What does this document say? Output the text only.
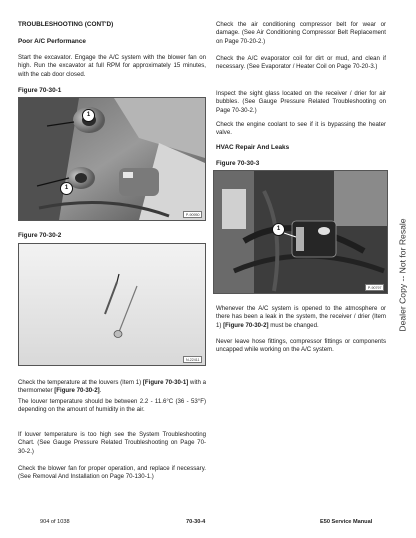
TROUBLESHOOTING (CONT'D)

Poor A/C Performance

Start the excavator. Engage the A/C system with the blower fan on high. Run the excavator at full RPM for approximately 15 minutes, with the cab door closed.

Figure 70-30-1

1
1
P-90950

Figure 70-30-2

N-22411

Check the temperature at the louvers (Item 1) [Figure 70-30-1] with a thermometer [Figure 70-30-2].

The louver temperature should be between 2.2 - 11.6°C (36 - 53°F) depending on the amount of humidity in the air.

If louver temperature is too high see the System Troubleshooting Chart. (See Gauge Pressure Related Troubleshooting on Page 70-30-2.)

Check the blower fan for proper operation, and replace if necessary. (See Removal And Installation on Page 70-130-1.)

Check the air conditioning compressor belt for wear or damage. (See Air Conditioning Compressor Belt Replacement on Page 70-20-2.)

Check the A/C evaporator coil for dirt or mud, and clean if necessary. (See Evaporator / Heater Coil on Page 70-20-3.)

Inspect the sight glass located on the receiver / drier for air bubbles. (See Gauge Pressure Related Troubleshooting on Page 70-30-2.)

Check the engine coolant to see if it is bypassing the heater valve.

HVAC Repair And Leaks

Figure 70-30-3

1
P-90797

Whenever the A/C system is opened to the atmosphere or there has been a leak in the system, the receiver / drier (Item 1) [Figure 70-30-2] must be changed.

Never leave hose fittings, compressor fittings or components uncapped while working on the A/C system.

Dealer Copy -- Not for Resale
904 of 1038	70-30-4	E50 Service Manual
